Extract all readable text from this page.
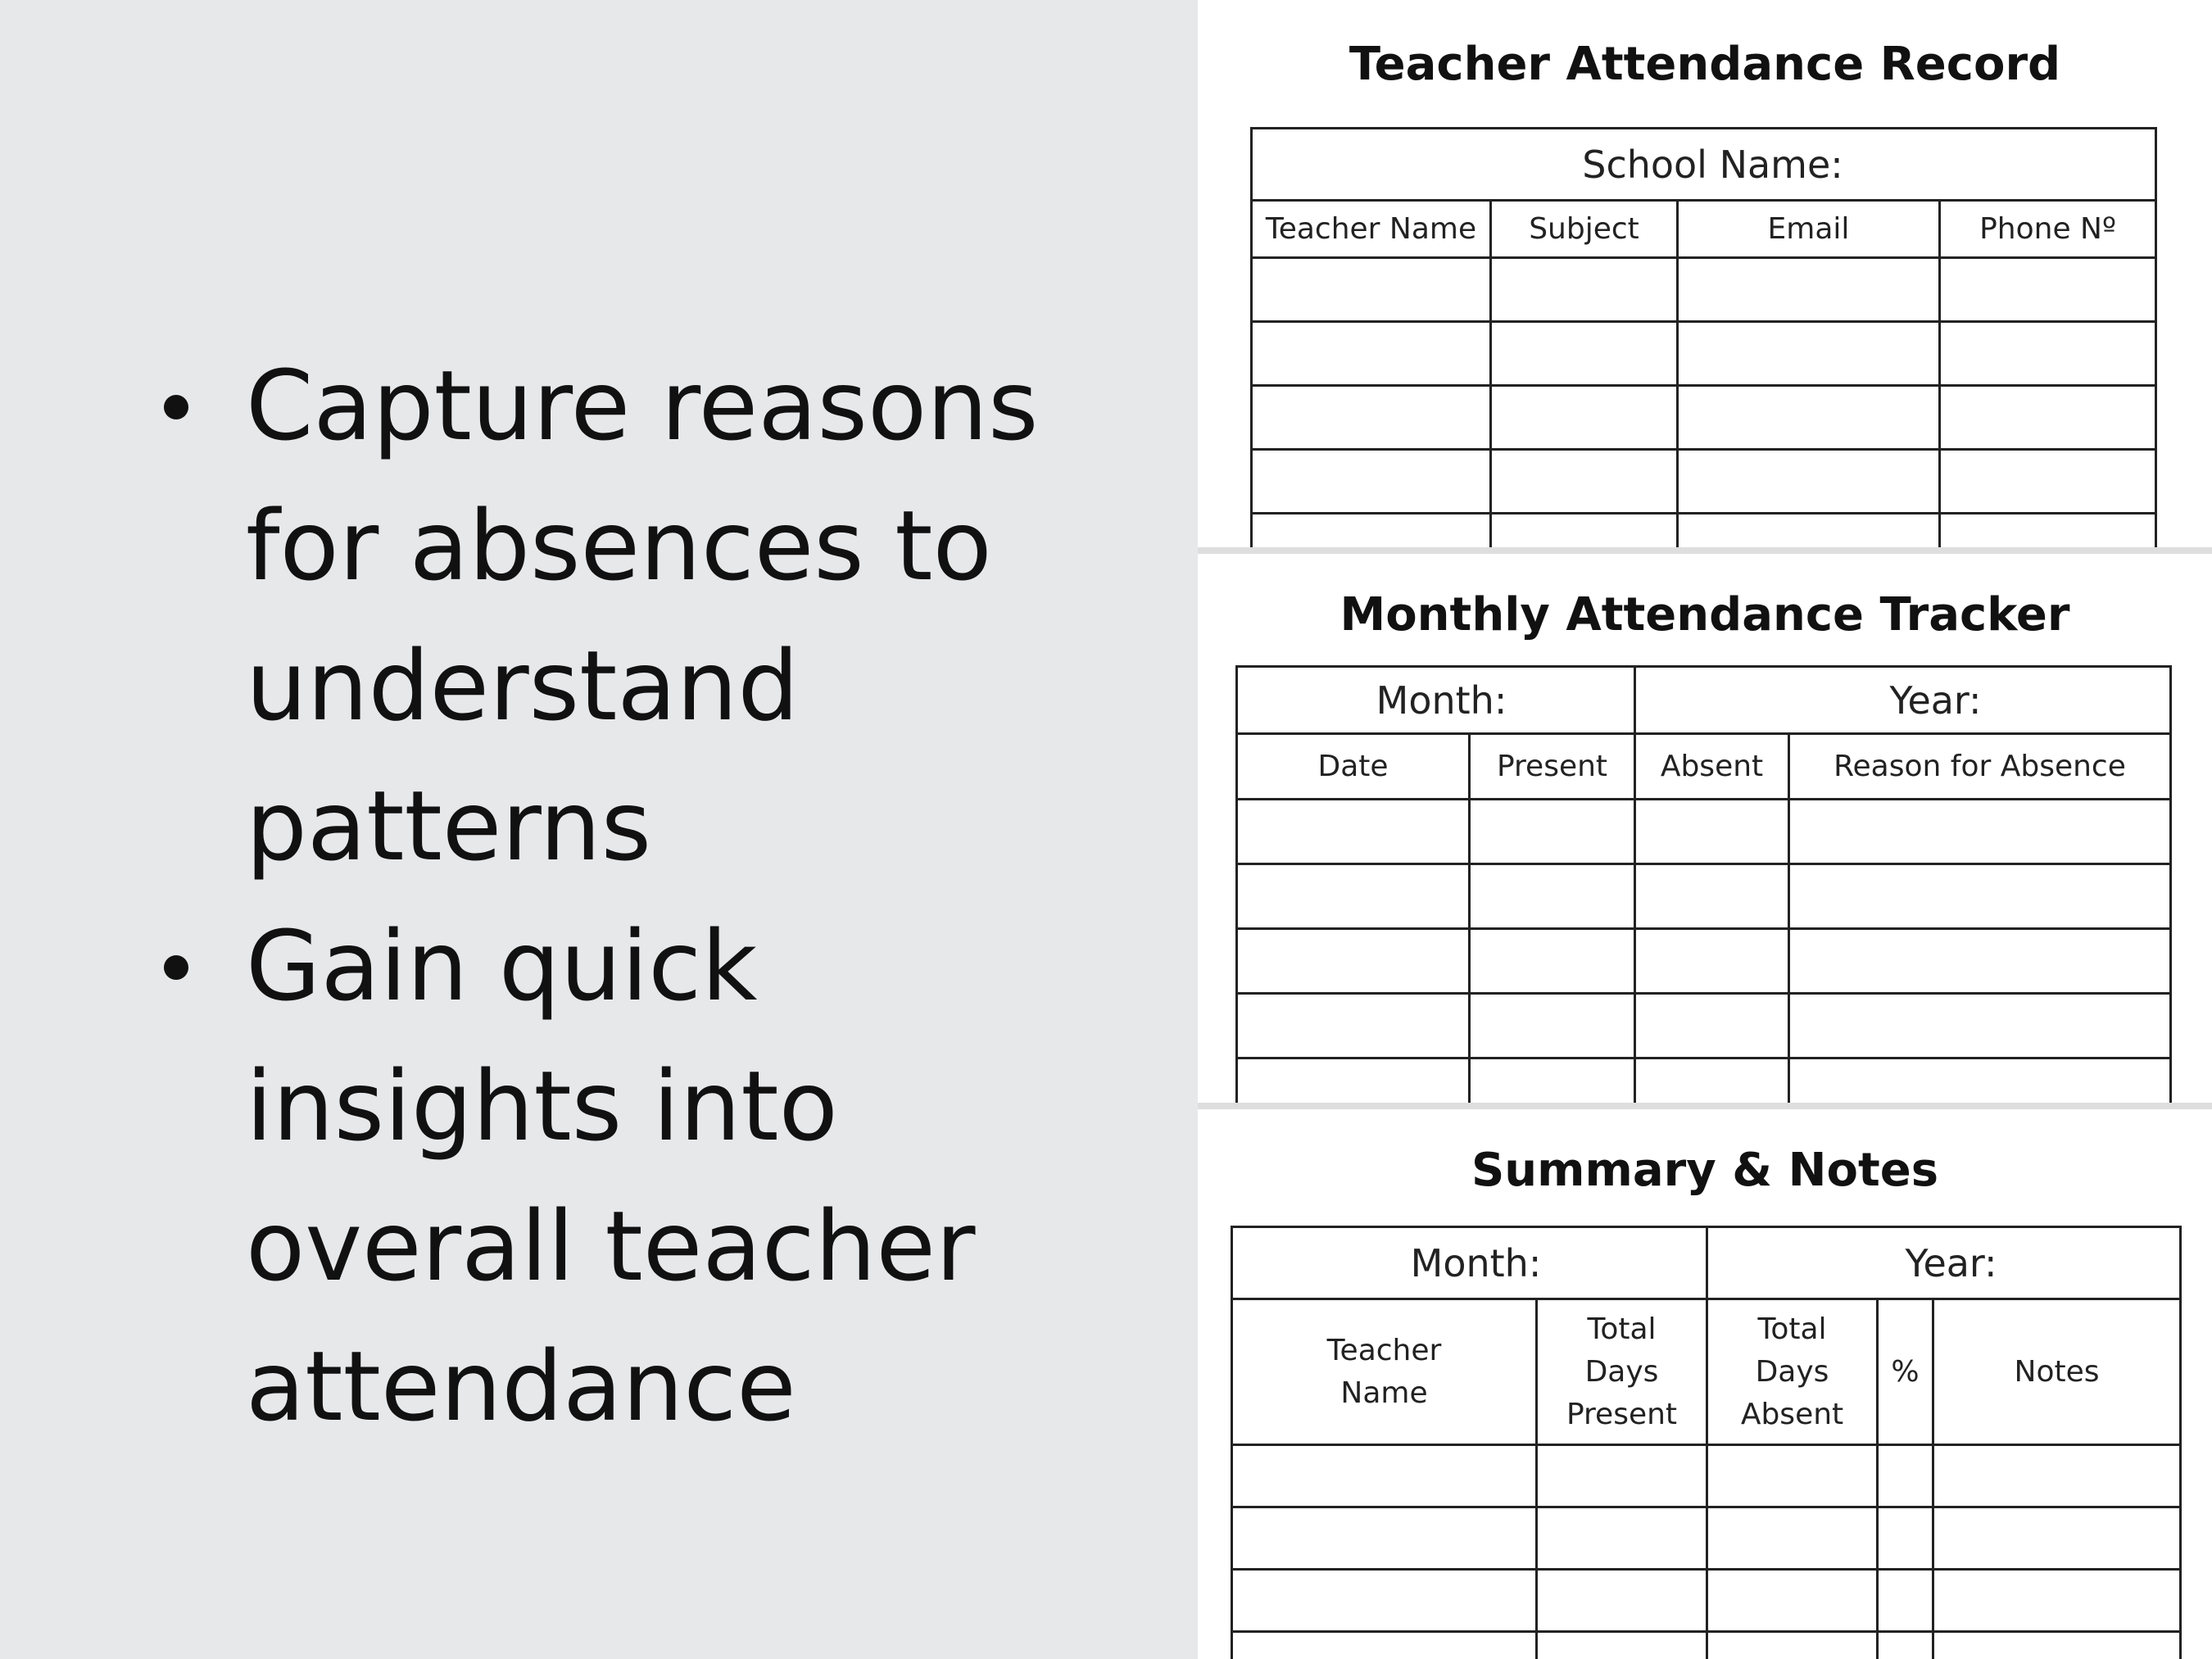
Capture reasons for absences to understand patterns
Gain quick insights into overall teacher attendance
Teacher Attendance Record
School Name:			
Teacher Name	Subject	Email	Phone Nº

Monthly Attendance Tracker
Month:		Year:	
Date	Present	Absent	Reason for Absence

Summary & Notes
Month:		Year:		
Teacher Name	Total Days Present	Total Days Absent	%	Notes
